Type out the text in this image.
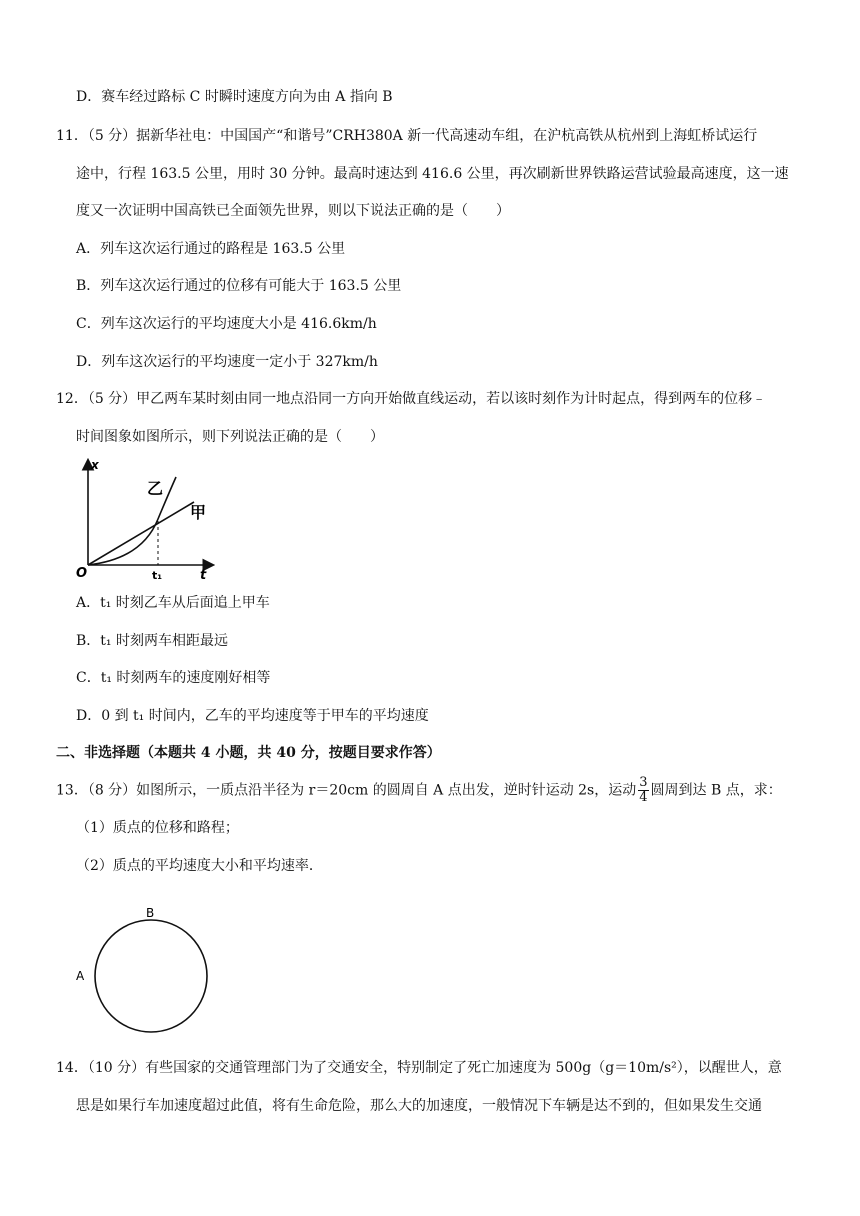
D．赛车经过路标 C 时瞬时速度方向为由 A 指向 B
11．（5 分）据新华社电：中国国产“和谐号”CRH380A 新一代高速动车组，在沪杭高铁从杭州到上海虹桥试运行
途中，行程 163.5 公里，用时 30 分钟。最高时速达到 416.6 公里，再次刷新世界铁路运营试验最高速度，这一速
度又一次证明中国高铁已全面领先世界，则以下说法正确的是（　　）
A．列车这次运行通过的路程是 163.5 公里
B．列车这次运行通过的位移有可能大于 163.5 公里
C．列车这次运行的平均速度大小是 416.6km/h
D．列车这次运行的平均速度一定小于 327km/h
12．（5 分）甲乙两车某时刻由同一地点沿同一方向开始做直线运动，若以该时刻作为计时起点，得到两车的位移﹣
时间图象如图所示，则下列说法正确的是（　　）
x
O	t
t₁
乙
甲
A．t₁ 时刻乙车从后面追上甲车
B．t₁ 时刻两车相距最远
C．t₁ 时刻两车的速度刚好相等
D．0 到 t₁ 时间内，乙车的平均速度等于甲车的平均速度
二、非选择题（本题共 4 小题，共 40 分，按题目要求作答）
13．（8 分）如图所示，一质点沿半径为 r＝20cm 的圆周自 A 点出发，逆时针运动 2s，运动 $\frac{3}{4}$ 圆周到达 B 点，求：
（1）质点的位移和路程；
（2）质点的平均速度大小和平均速率．
B
A
14．（10 分）有些国家的交通管理部门为了交通安全，特别制定了死亡加速度为 500g（g＝10m/s²），以醒世人，意
思是如果行车加速度超过此值，将有生命危险，那么大的加速度，一般情况下车辆是达不到的，但如果发生交通
